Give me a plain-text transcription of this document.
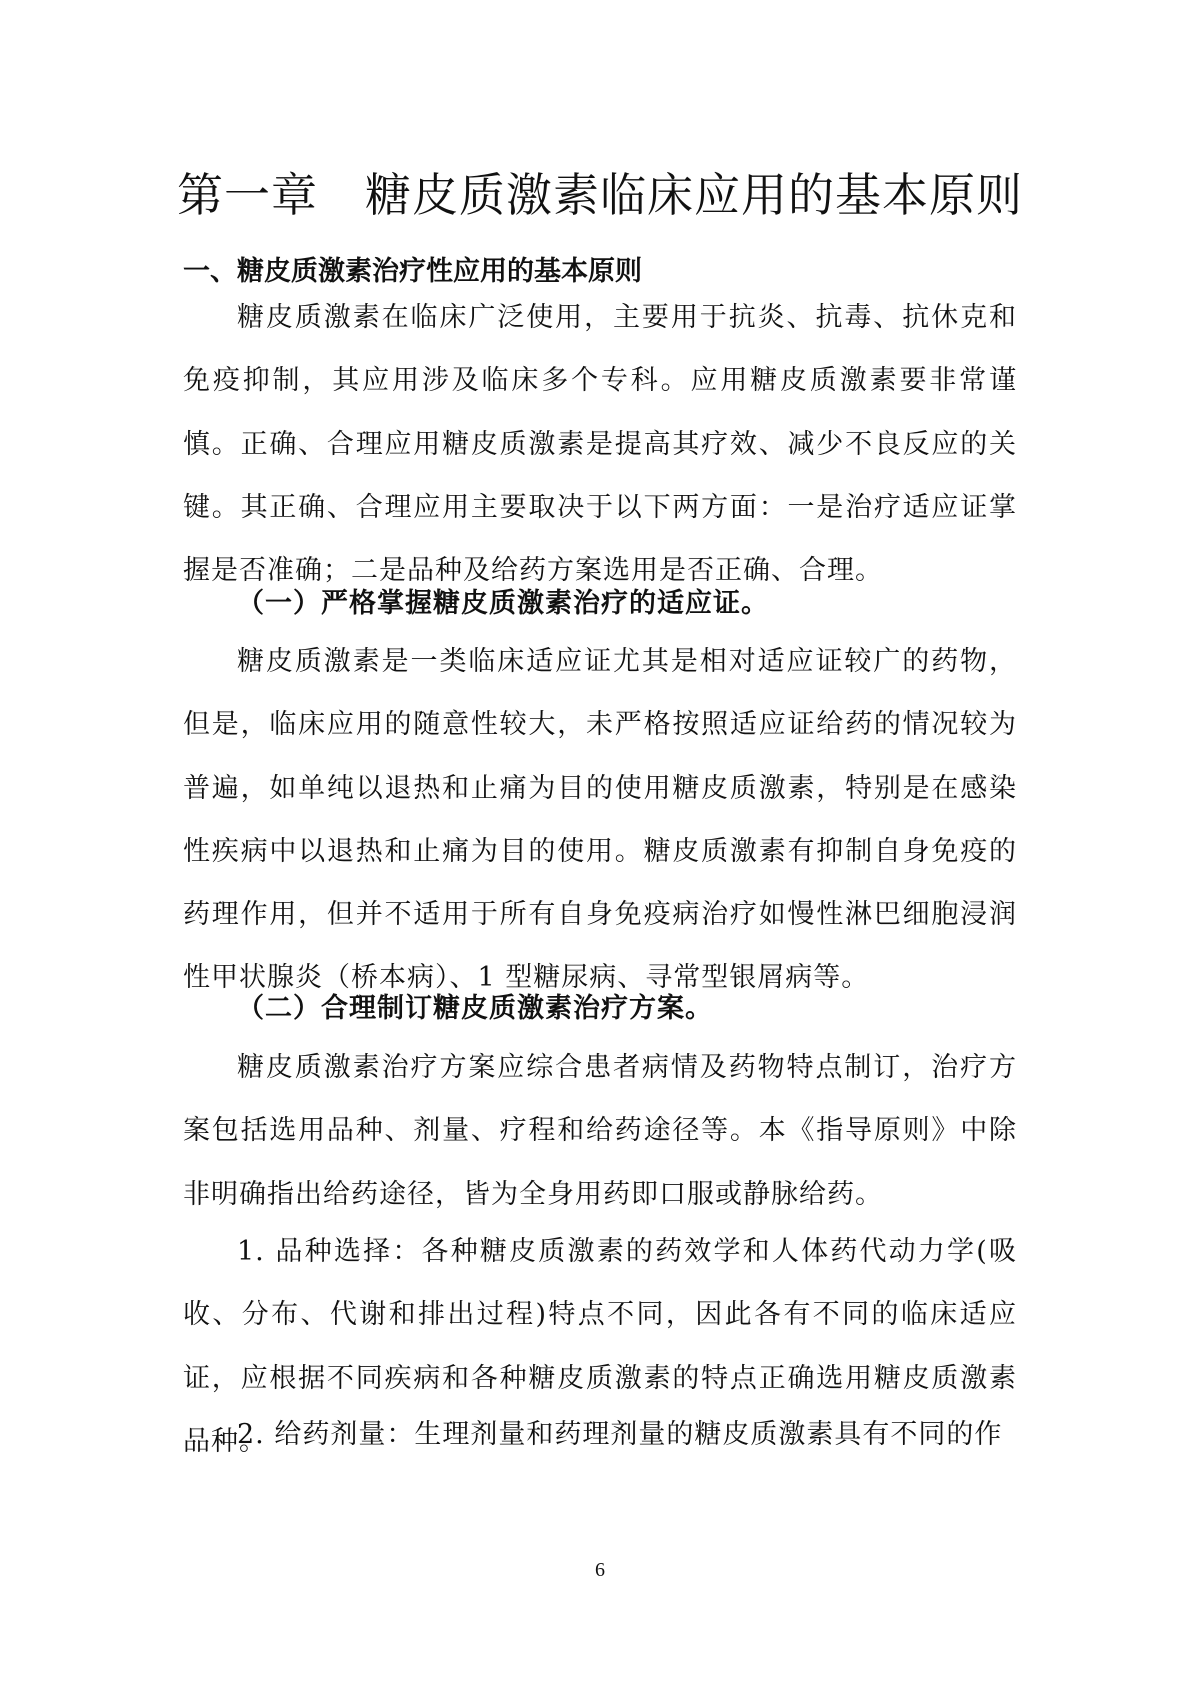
第一章　糖皮质激素临床应用的基本原则
一、糖皮质激素治疗性应用的基本原则

糖皮质激素在临床广泛使用，主要用于抗炎、抗毒、抗休克和免疫抑制，其应用涉及临床多个专科。应用糖皮质激素要非常谨慎。正确、合理应用糖皮质激素是提高其疗效、减少不良反应的关键。其正确、合理应用主要取决于以下两方面：一是治疗适应证掌握是否准确；二是品种及给药方案选用是否正确、合理。

（一）严格掌握糖皮质激素治疗的适应证。

糖皮质激素是一类临床适应证尤其是相对适应证较广的药物，但是，临床应用的随意性较大，未严格按照适应证给药的情况较为普遍，如单纯以退热和止痛为目的使用糖皮质激素，特别是在感染性疾病中以退热和止痛为目的使用。糖皮质激素有抑制自身免疫的药理作用，但并不适用于所有自身免疫病治疗如慢性淋巴细胞浸润性甲状腺炎（桥本病）、1 型糖尿病、寻常型银屑病等。

（二）合理制订糖皮质激素治疗方案。

糖皮质激素治疗方案应综合患者病情及药物特点制订，治疗方案包括选用品种、剂量、疗程和给药途径等。本《指导原则》中除非明确指出给药途径，皆为全身用药即口服或静脉给药。

1. 品种选择：各种糖皮质激素的药效学和人体药代动力学(吸收、分布、代谢和排出过程)特点不同，因此各有不同的临床适应证，应根据不同疾病和各种糖皮质激素的特点正确选用糖皮质激素品种。

2. 给药剂量：生理剂量和药理剂量的糖皮质激素具有不同的作

6
